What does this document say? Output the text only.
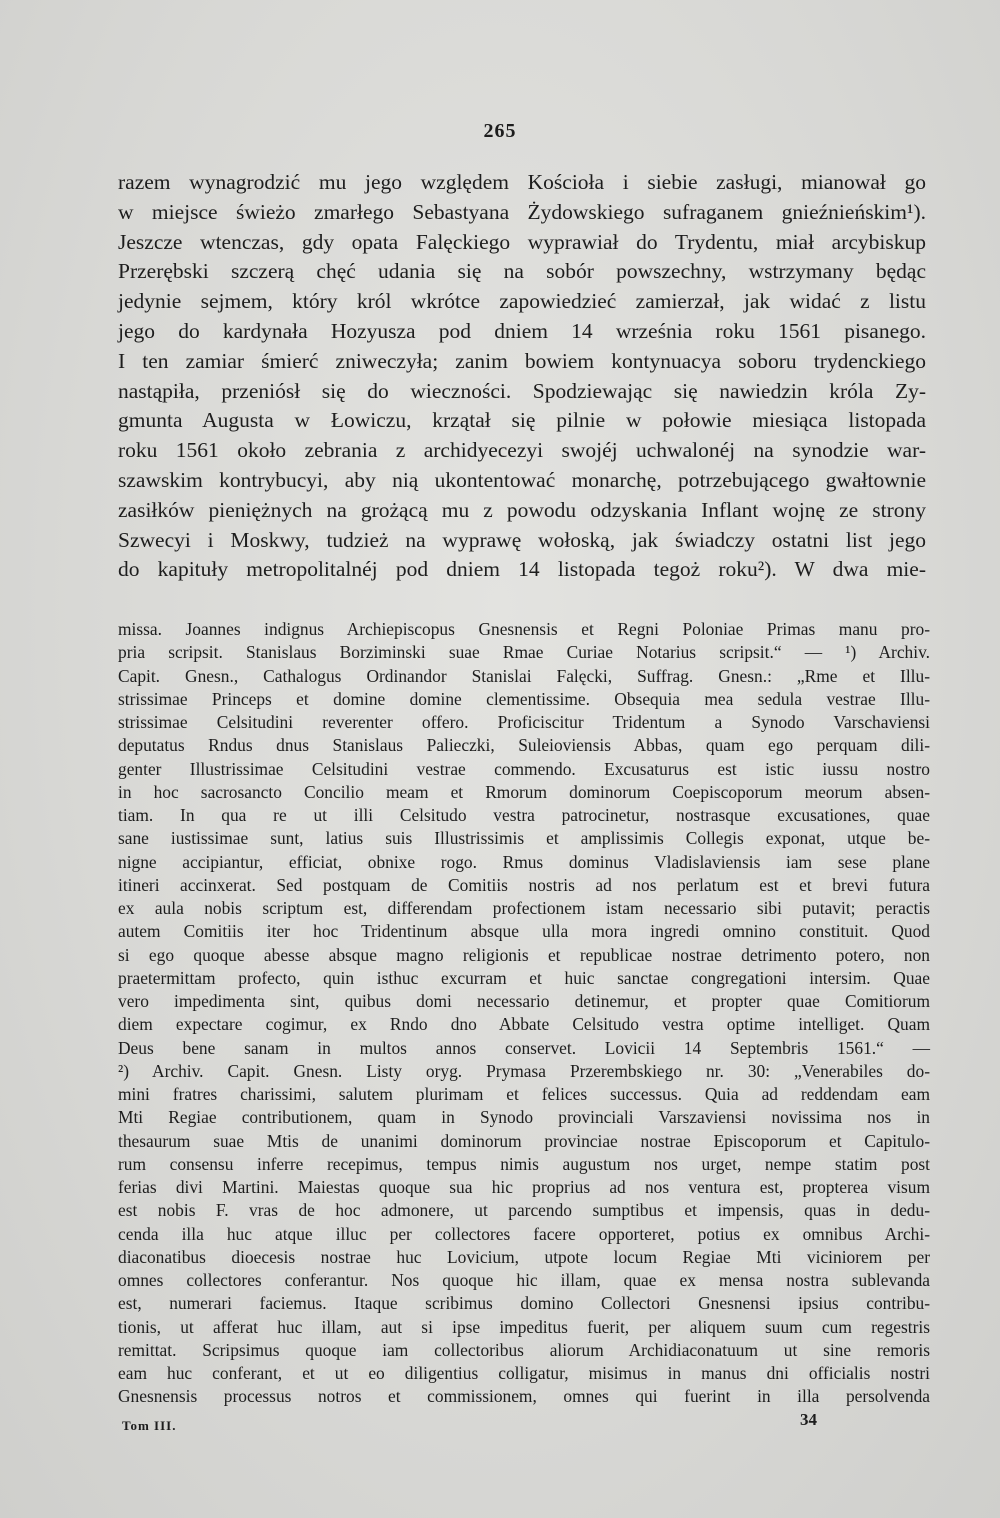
265
razem wynagrodzić mu jego względem Kościoła i siebie zasługi, mianował go
w miejsce świeżo zmarłego Sebastyana Żydowskiego sufraganem gnieźnieńskim¹).
Jeszcze wtenczas, gdy opata Falęckiego wyprawiał do Trydentu, miał arcybiskup
Przerębski szczerą chęć udania się na sobór powszechny, wstrzymany będąc
jedynie sejmem, który król wkrótce zapowiedzieć zamierzał, jak widać z listu
jego do kardynała Hozyusza pod dniem 14 września roku 1561 pisanego.
I ten zamiar śmierć zniweczyła; zanim bowiem kontynuacya soboru trydenckiego
nastąpiła, przeniósł się do wieczności. Spodziewając się nawiedzin króla Zy-
gmunta Augusta w Łowiczu, krzątał się pilnie w połowie miesiąca listopada
roku 1561 około zebrania z archidyecezyi swojéj uchwalonéj na synodzie war-
szawskim kontrybucyi, aby nią ukontentować monarchę, potrzebującego gwałtownie
zasiłków pieniężnych na grożącą mu z powodu odzyskania Inflant wojnę ze strony
Szwecyi i Moskwy, tudzież na wyprawę wołoską, jak świadczy ostatni list jego
do kapituły metropolitalnéj pod dniem 14 listopada tegoż roku²). W dwa mie-
missa. Joannes indignus Archiepiscopus Gnesnensis et Regni Poloniae Primas manu pro-
pria scripsit. Stanislaus Borziminski suae Rmae Curiae Notarius scripsit.“ — ¹) Archiv.
Capit. Gnesn., Cathalogus Ordinandor Stanislai Falęcki, Suffrag. Gnesn.: „Rme et Illu-
strissimae Princeps et domine domine clementissime. Obsequia mea sedula vestrae Illu-
strissimae Celsitudini reverenter offero. Proficiscitur Tridentum a Synodo Varschaviensi
deputatus Rndus dnus Stanislaus Palieczki, Suleioviensis Abbas, quam ego perquam dili-
genter Illustrissimae Celsitudini vestrae commendo. Excusaturus est istic iussu nostro
in hoc sacrosancto Concilio meam et Rmorum dominorum Coepiscoporum meorum absen-
tiam. In qua re ut illi Celsitudo vestra patrocinetur, nostrasque excusationes, quae
sane iustissimae sunt, latius suis Illustrissimis et amplissimis Collegis exponat, utque be-
nigne accipiantur, efficiat, obnixe rogo. Rmus dominus Vladislaviensis iam sese plane
itineri accinxerat. Sed postquam de Comitiis nostris ad nos perlatum est et brevi futura
ex aula nobis scriptum est, differendam profectionem istam necessario sibi putavit; peractis
autem Comitiis iter hoc Tridentinum absque ulla mora ingredi omnino constituit. Quod
si ego quoque abesse absque magno religionis et republicae nostrae detrimento potero, non
praetermittam profecto, quin isthuc excurram et huic sanctae congregationi intersim. Quae
vero impedimenta sint, quibus domi necessario detinemur, et propter quae Comitiorum
diem expectare cogimur, ex Rndo dno Abbate Celsitudo vestra optime intelliget. Quam
Deus bene sanam in multos annos conservet. Lovicii 14 Septembris 1561.“ —
²) Archiv. Capit. Gnesn. Listy oryg. Prymasa Przerembskiego nr. 30: „Venerabiles do-
mini fratres charissimi, salutem plurimam et felices successus. Quia ad reddendam eam
Mti Regiae contributionem, quam in Synodo provinciali Varszaviensi novissima nos in
thesaurum suae Mtis de unanimi dominorum provinciae nostrae Episcoporum et Capitulo-
rum consensu inferre recepimus, tempus nimis augustum nos urget, nempe statim post
ferias divi Martini. Maiestas quoque sua hic proprius ad nos ventura est, propterea visum
est nobis F. vras de hoc admonere, ut parcendo sumptibus et impensis, quas in dedu-
cenda illa huc atque illuc per collectores facere opporteret, potius ex omnibus Archi-
diaconatibus dioecesis nostrae huc Lovicium, utpote locum Regiae Mti viciniorem per
omnes collectores conferantur. Nos quoque hic illam, quae ex mensa nostra sublevanda
est, numerari faciemus. Itaque scribimus domino Collectori Gnesnensi ipsius contribu-
tionis, ut afferat huc illam, aut si ipse impeditus fuerit, per aliquem suum cum regestris
remittat. Scripsimus quoque iam collectoribus aliorum Archidiaconatuum ut sine remoris
eam huc conferant, et ut eo diligentius colligatur, misimus in manus dni officialis nostri
Gnesnensis processus notros et commissionem, omnes qui fuerint in illa persolvenda
Tom III.	34
